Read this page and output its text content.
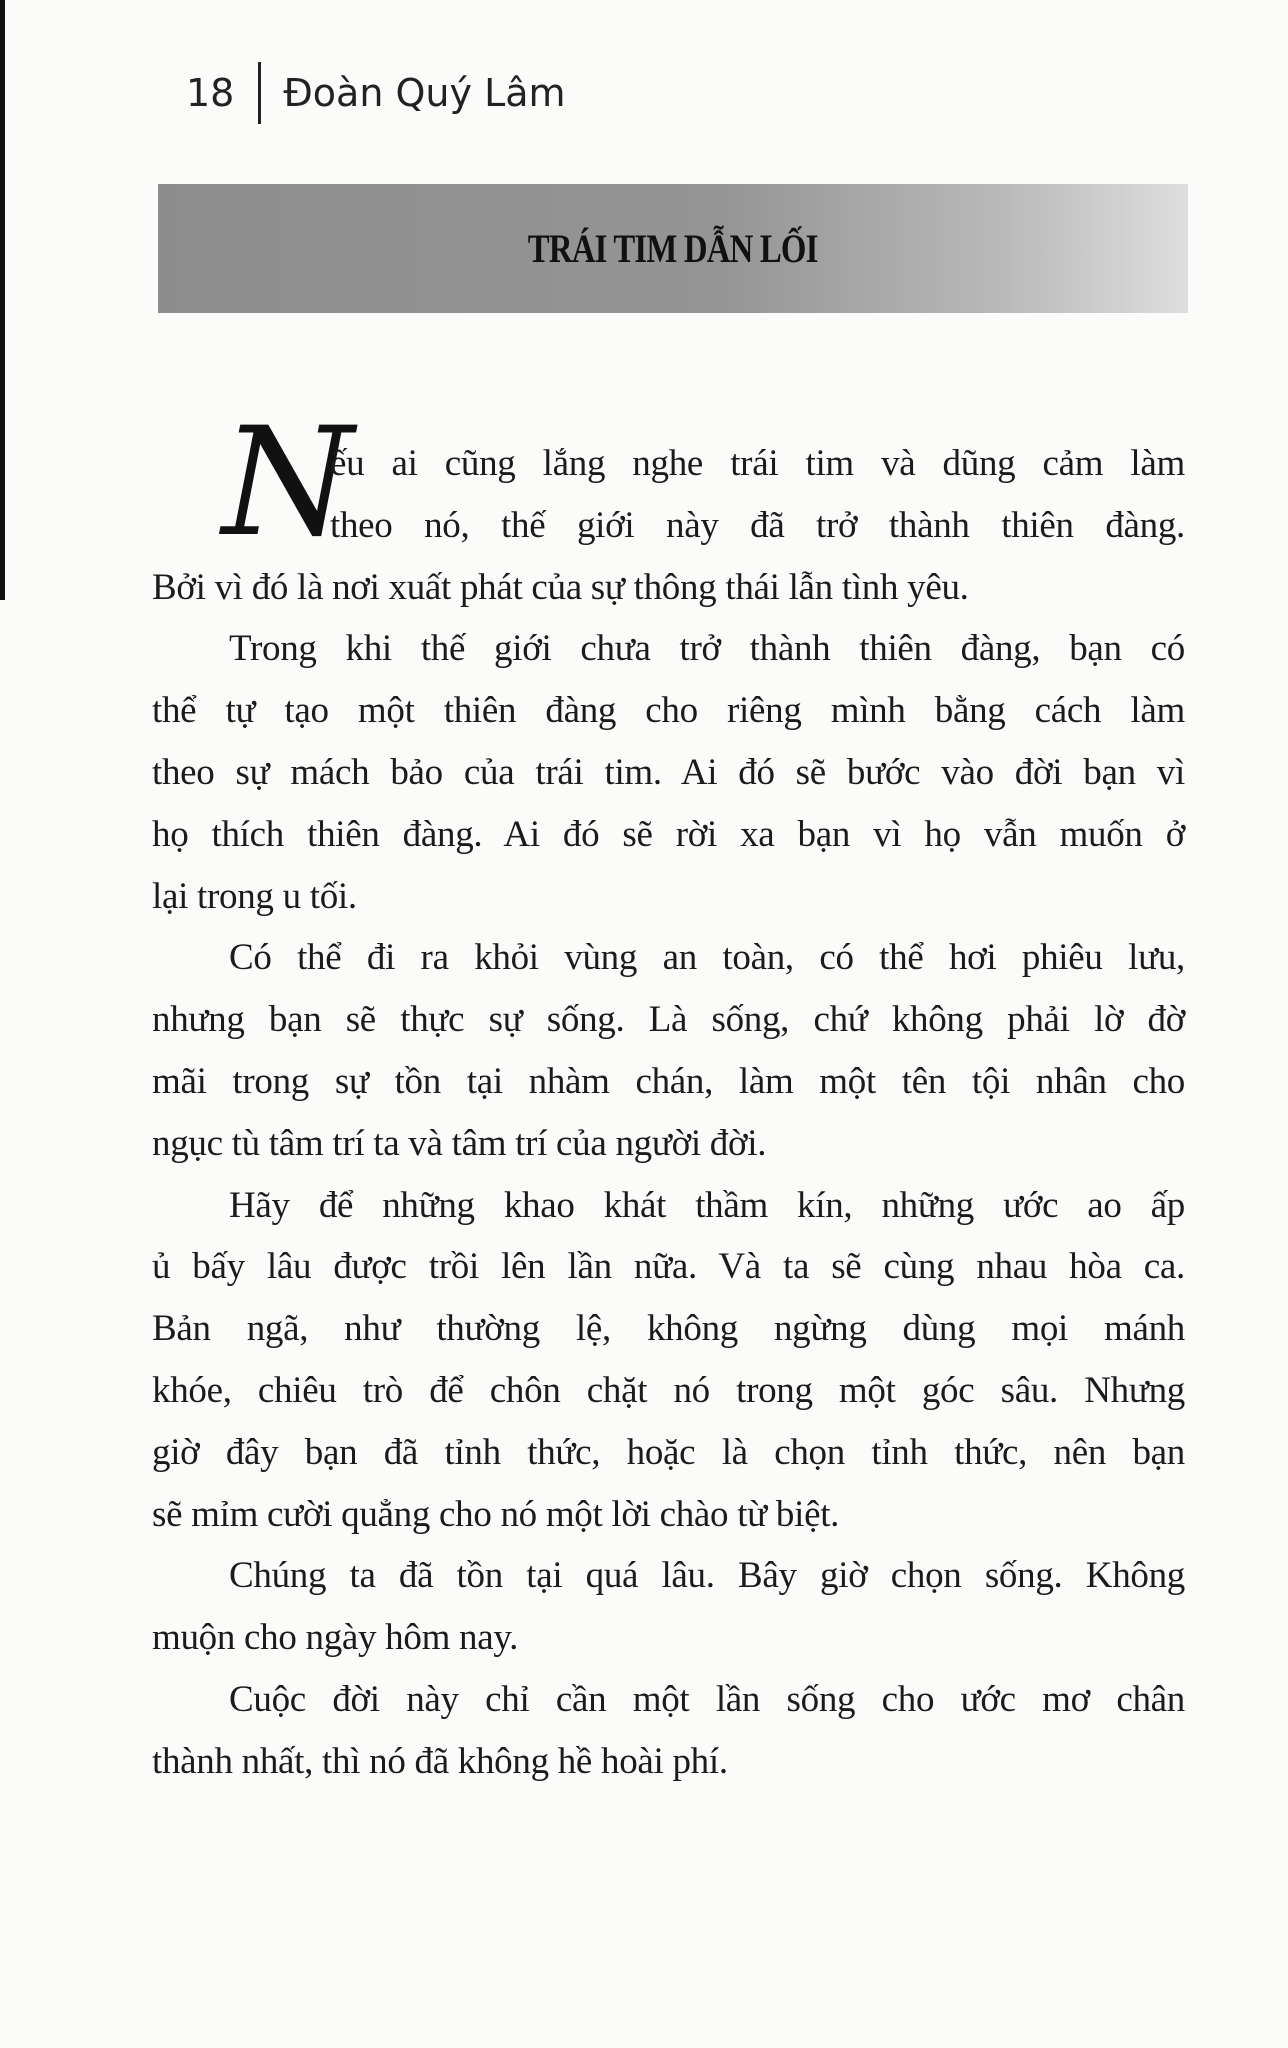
18 Đoàn Quý Lâm
TRÁI TIM DẪN LỐI
N
ếu ai cũng lắng nghe trái tim và dũng cảm làm
theo nó, thế giới này đã trở thành thiên đàng.
Bởi vì đó là nơi xuất phát của sự thông thái lẫn tình yêu.
Trong khi thế giới chưa trở thành thiên đàng, bạn có
thể tự tạo một thiên đàng cho riêng mình bằng cách làm
theo sự mách bảo của trái tim. Ai đó sẽ bước vào đời bạn vì
họ thích thiên đàng. Ai đó sẽ rời xa bạn vì họ vẫn muốn ở
lại trong u tối.
Có thể đi ra khỏi vùng an toàn, có thể hơi phiêu lưu,
nhưng bạn sẽ thực sự sống. Là sống, chứ không phải lờ đờ
mãi trong sự tồn tại nhàm chán, làm một tên tội nhân cho
ngục tù tâm trí ta và tâm trí của người đời.
Hãy để những khao khát thầm kín, những ước ao ấp
ủ bấy lâu được trồi lên lần nữa. Và ta sẽ cùng nhau hòa ca.
Bản ngã, như thường lệ, không ngừng dùng mọi mánh
khóe, chiêu trò để chôn chặt nó trong một góc sâu. Nhưng
giờ đây bạn đã tỉnh thức, hoặc là chọn tỉnh thức, nên bạn
sẽ mỉm cười quẳng cho nó một lời chào từ biệt.
Chúng ta đã tồn tại quá lâu. Bây giờ chọn sống. Không
muộn cho ngày hôm nay.
Cuộc đời này chỉ cần một lần sống cho ước mơ chân
thành nhất, thì nó đã không hề hoài phí.
